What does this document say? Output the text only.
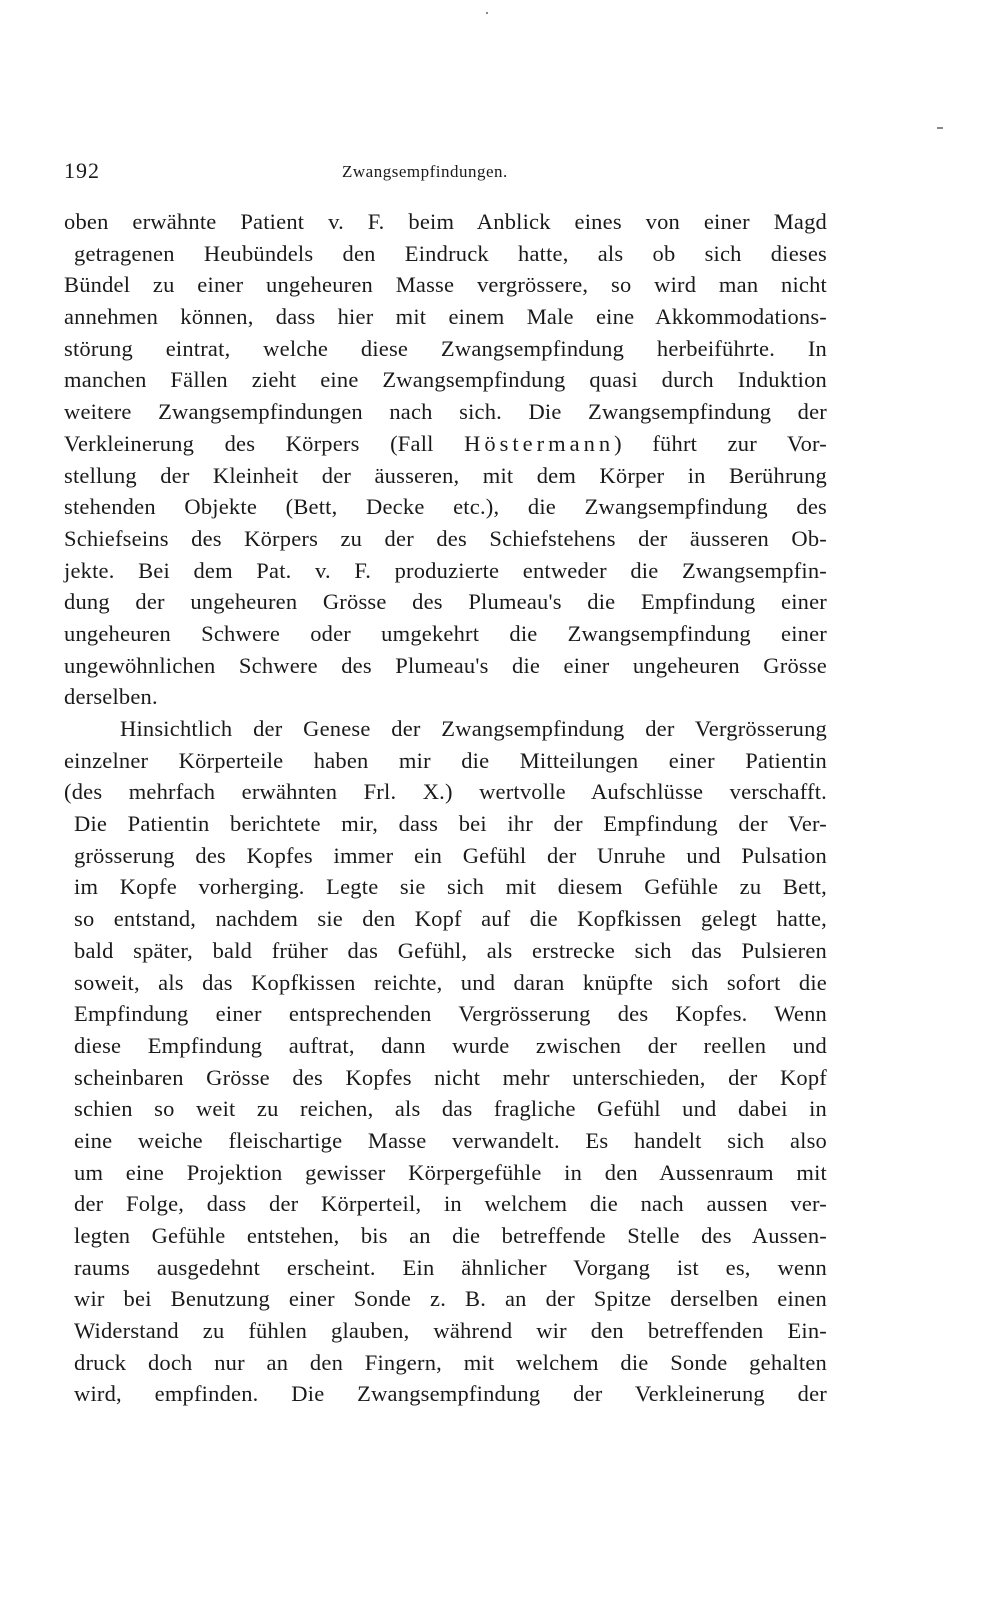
192	Zwangsempfindungen.
oben erwähnte Patient v. F. beim Anblick eines von einer Magd
getragenen Heubündels den Eindruck hatte, als ob sich dieses
Bündel zu einer ungeheuren Masse vergrössere, so wird man nicht
annehmen können, dass hier mit einem Male eine Akkommodations-
störung eintrat, welche diese Zwangsempfindung herbeiführte. In
manchen Fällen zieht eine Zwangsempfindung quasi durch Induktion
weitere Zwangsempfindungen nach sich. Die Zwangsempfindung der
Verkleinerung des Körpers (Fall Höstermann) führt zur Vor-
stellung der Kleinheit der äusseren, mit dem Körper in Berührung
stehenden Objekte (Bett, Decke etc.), die Zwangsempfindung des
Schiefseins des Körpers zu der des Schiefstehens der äusseren Ob-
jekte. Bei dem Pat. v. F. produzierte entweder die Zwangsempfin-
dung der ungeheuren Grösse des Plumeau's die Empfindung einer
ungeheuren Schwere oder umgekehrt die Zwangsempfindung einer
ungewöhnlichen Schwere des Plumeau's die einer ungeheuren Grösse
derselben.
Hinsichtlich der Genese der Zwangsempfindung der Vergrösserung
einzelner Körperteile haben mir die Mitteilungen einer Patientin
(des mehrfach erwähnten Frl. X.) wertvolle Aufschlüsse verschafft.
Die Patientin berichtete mir, dass bei ihr der Empfindung der Ver-
grösserung des Kopfes immer ein Gefühl der Unruhe und Pulsation
im Kopfe vorherging. Legte sie sich mit diesem Gefühle zu Bett,
so entstand, nachdem sie den Kopf auf die Kopfkissen gelegt hatte,
bald später, bald früher das Gefühl, als erstrecke sich das Pulsieren
soweit, als das Kopfkissen reichte, und daran knüpfte sich sofort die
Empfindung einer entsprechenden Vergrösserung des Kopfes. Wenn
diese Empfindung auftrat, dann wurde zwischen der reellen und
scheinbaren Grösse des Kopfes nicht mehr unterschieden, der Kopf
schien so weit zu reichen, als das fragliche Gefühl und dabei in
eine weiche fleischartige Masse verwandelt. Es handelt sich also
um eine Projektion gewisser Körpergefühle in den Aussenraum mit
der Folge, dass der Körperteil, in welchem die nach aussen ver-
legten Gefühle entstehen, bis an die betreffende Stelle des Aussen-
raums ausgedehnt erscheint. Ein ähnlicher Vorgang ist es, wenn
wir bei Benutzung einer Sonde z. B. an der Spitze derselben einen
Widerstand zu fühlen glauben, während wir den betreffenden Ein-
druck doch nur an den Fingern, mit welchem die Sonde gehalten
wird, empfinden. Die Zwangsempfindung der Verkleinerung der
